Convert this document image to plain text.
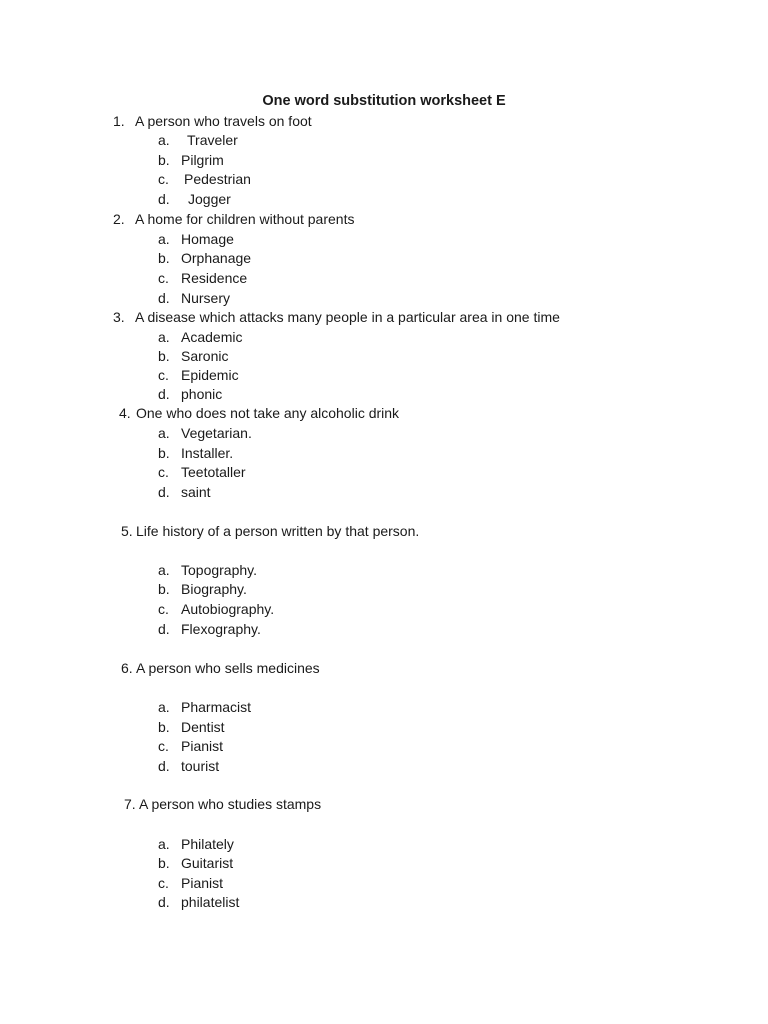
One word substitution worksheet E
1. A person who travels on foot
a. Traveler
b. Pilgrim
c. Pedestrian
d. Jogger
2. A home for children without parents
a. Homage
b. Orphanage
c. Residence
d. Nursery
3. A disease which attacks many people in a particular area in one time
a. Academic
b. Saronic
c. Epidemic
d. phonic
4. One who does not take any alcoholic drink
a. Vegetarian.
b. Installer.
c. Teetotaller
d. saint
5. Life history of a person written by that person.
a. Topography.
b. Biography.
c. Autobiography.
d. Flexography.
6. A person who sells medicines
a. Pharmacist
b. Dentist
c. Pianist
d. tourist
7. A person who studies stamps
a. Philately
b. Guitarist
c. Pianist
d. philatelist
